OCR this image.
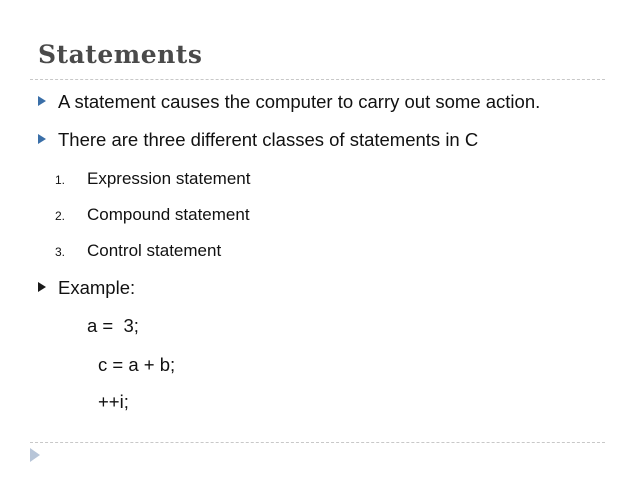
Statements
A statement causes the computer to carry out some action.
There are three different classes of statements in C
1.	Expression statement
2.	Compound statement
3.	Control statement
Example:
a =  3;
c = a + b;
++i;
